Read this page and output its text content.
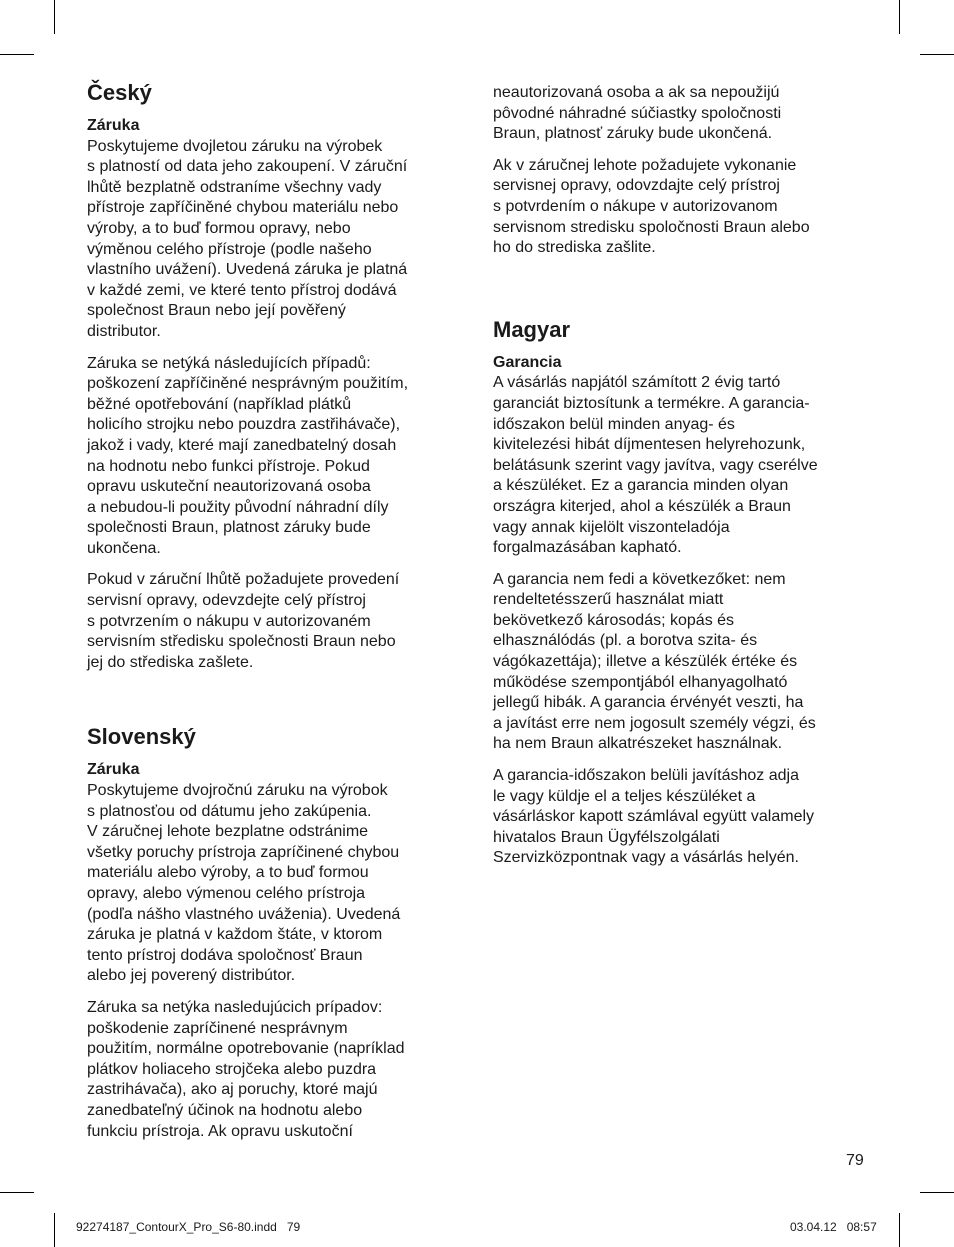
Český
Záruka

Poskytujeme dvojletou záruku na výrobek
s platností od data jeho zakoupení. V záruční
lhůtě bezplatně odstraníme všechny vady
přístroje zapříčiněné chybou materiálu nebo
výroby, a to buď formou opravy, nebo
výměnou celého přístroje (podle našeho
vlastního uvážení). Uvedená záruka je platná
v každé zemi, ve které tento přístroj dodává
společnost Braun nebo její pověřený
distributor.

Záruka se netýká následujících případů:
poškození zapříčiněné nesprávným použitím,
běžné opotřebování (například plátků
holicího strojku nebo pouzdra zastřihávače),
jakož i vady, které mají zanedbatelný dosah
na hodnotu nebo funkci přístroje. Pokud
opravu uskuteční neautorizovaná osoba
a nebudou-li použity původní náhradní díly
společnosti Braun, platnost záruky bude
ukončena.

Pokud v záruční lhůtě požadujete provedení
servisní opravy, odevzdejte celý přístroj
s potvrzením o nákupu v autorizovaném
servisním středisku společnosti Braun nebo
jej do střediska zašlete.

Slovenský
Záruka

Poskytujeme dvojročnú záruku na výrobok
s platnosťou od dátumu jeho zakúpenia.
V záručnej lehote bezplatne odstránime
všetky poruchy prístroja zapríčinené chybou
materiálu alebo výroby, a to buď formou
opravy, alebo výmenou celého prístroja
(podľa nášho vlastného uváženia). Uvedená
záruka je platná v každom štáte, v ktorom
tento prístroj dodáva spoločnosť Braun
alebo jej poverený distribútor.

Záruka sa netýka nasledujúcich prípadov:
poškodenie zapríčinené nesprávnym
použitím, normálne opotrebovanie (napríklad
plátkov holiaceho strojčeka alebo puzdra
zastrihávača), ako aj poruchy, ktoré majú
zanedbateľný účinok na hodnotu alebo
funkciu prístroja. Ak opravu uskutoční

neautorizovaná osoba a ak sa nepoužijú
pôvodné náhradné súčiastky spoločnosti
Braun, platnosť záruky bude ukončená.

Ak v záručnej lehote požadujete vykonanie
servisnej opravy, odovzdajte celý prístroj
s potvrdením o nákupe v autorizovanom
servisnom stredisku spoločnosti Braun alebo
ho do strediska zašlite.

Magyar
Garancia

A vásárlás napjától számított 2 évig tartó
garanciát biztosítunk a termékre. A garancia-
időszakon belül minden anyag- és
kivitelezési hibát díjmentesen helyrehozunk,
belátásunk szerint vagy javítva, vagy cserélve
a készüléket. Ez a garancia minden olyan
országra kiterjed, ahol a készülék a Braun
vagy annak kijelölt viszonteladója
forgalmazásában kapható.

A garancia nem fedi a következőket: nem
rendeltetésszerű használat miatt
bekövetkező károsodás; kopás és
elhasználódás (pl. a borotva szita- és
vágókazettája); illetve a készülék értéke és
működése szempontjából elhanyagolható
jellegű hibák. A garancia érvényét veszti, ha
a javítást erre nem jogosult személy végzi, és
ha nem Braun alkatrészeket használnak.

A garancia-időszakon belüli javításhoz adja
le vagy küldje el a teljes készüléket a
vásárláskor kapott számlával együtt valamely
hivatalos Braun Ügyfélszolgálati
Szervizközpontnak vagy a vásárlás helyén.

79
92274187_ContourX_Pro_S6-80.indd   79	03.04.12   08:57
